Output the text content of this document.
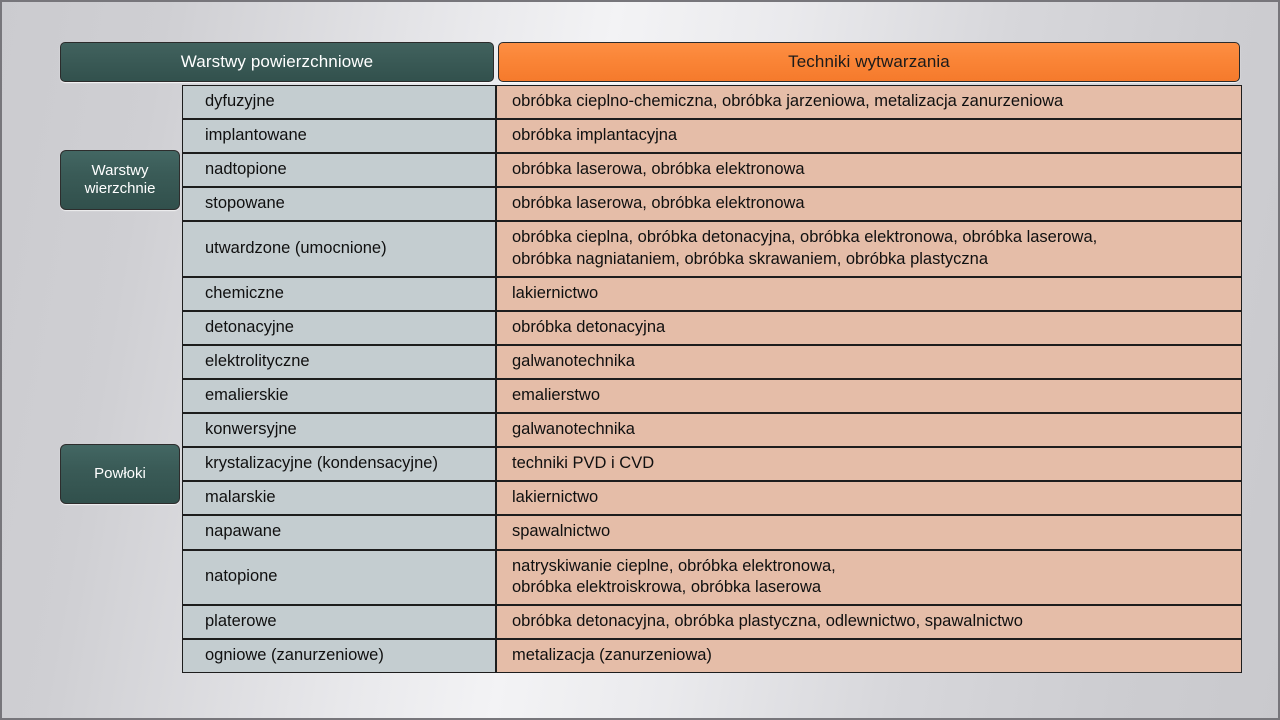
Warstwy powierzchniowe		Techniki wytwarzania

Warstwy wierzchnie	dyfuzyjne	obróbka cieplno-chemiczna, obróbka jarzeniowa, metalizacja zanurzeniowa

	implantowane	obróbka implantacyjna

	nadtopione	obróbka laserowa, obróbka elektronowa

	stopowane	obróbka laserowa, obróbka elektronowa

	utwardzone (umocnione)	obróbka cieplna, obróbka detonacyjna, obróbka elektronowa, obróbka laserowa,
obróbka nagniataniem, obróbka skrawaniem, obróbka plastyczna

Powłoki	chemiczne	lakiernictwo

	detonacyjne	obróbka detonacyjna

	elektrolityczne	galwanotechnika

	emalierskie	emalierstwo

	konwersyjne	galwanotechnika

	krystalizacyjne (kondensacyjne)	techniki PVD i CVD

	malarskie	lakiernictwo

	napawane	spawalnictwo

	natopione	natryskiwanie cieplne, obróbka elektronowa,
obróbka elektroiskrowa, obróbka laserowa

	platerowe	obróbka detonacyjna, obróbka plastyczna, odlewnictwo, spawalnictwo

	ogniowe (zanurzeniowe)	metalizacja (zanurzeniowa)
